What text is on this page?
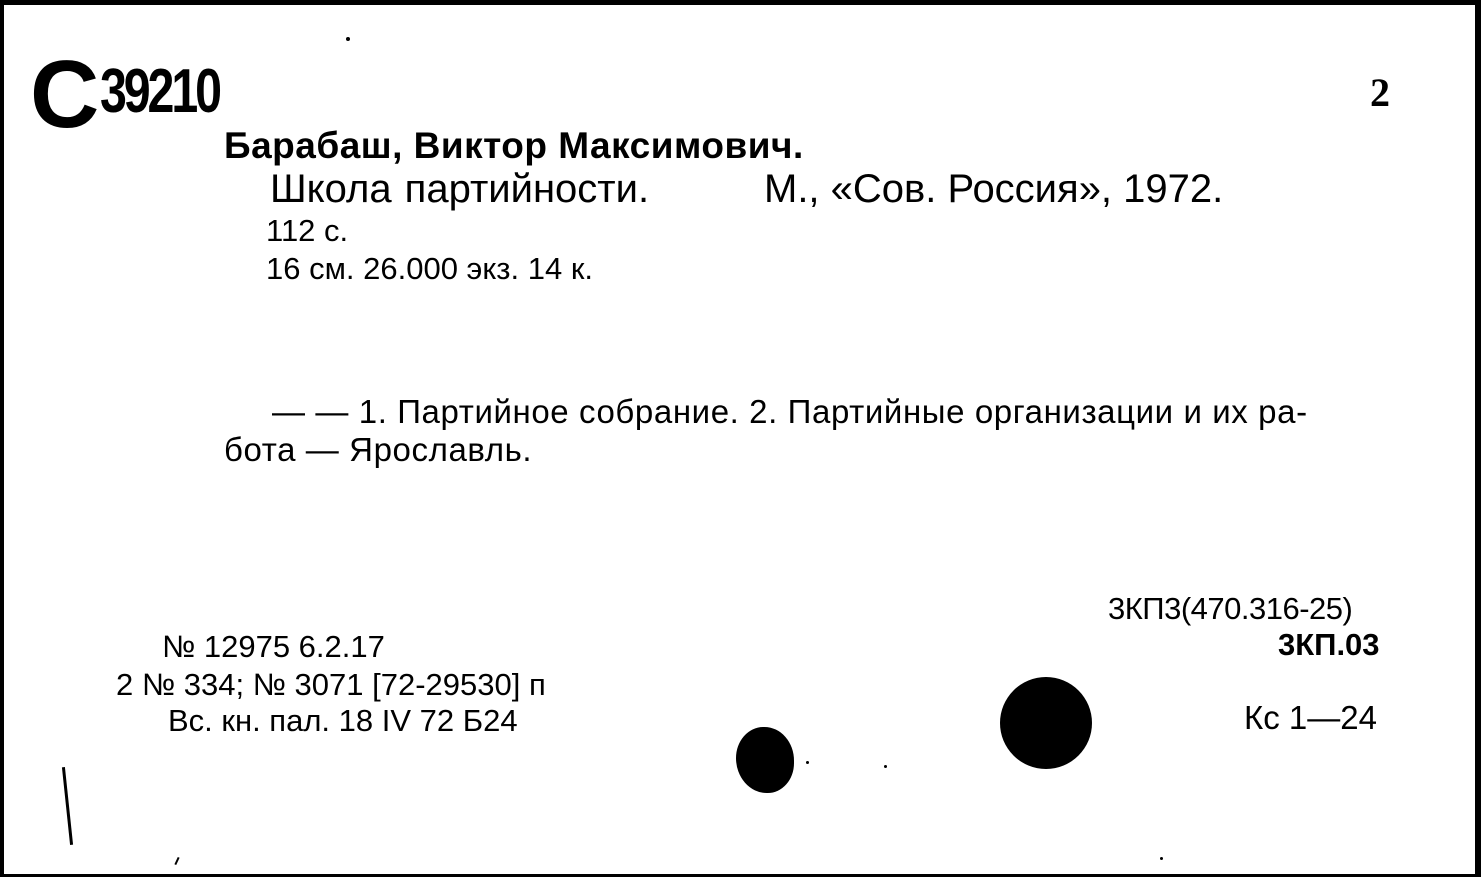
С 39210	2
Барабаш, Виктор Максимович.
Школа партийности.	М., «Сов. Россия», 1972.
112 с.
16 см. 26.000 экз. 14 к.
— — 1. Партийное собрание. 2. Партийные организации и их ра-
бота — Ярославль.
3КП3(470.316-25)
3КП.03
Кс 1—24
№ 12975 6.2.17
2 № 334; № 3071 [72-29530] п
Вс. кн. пал. 18 IV 72 Б24
